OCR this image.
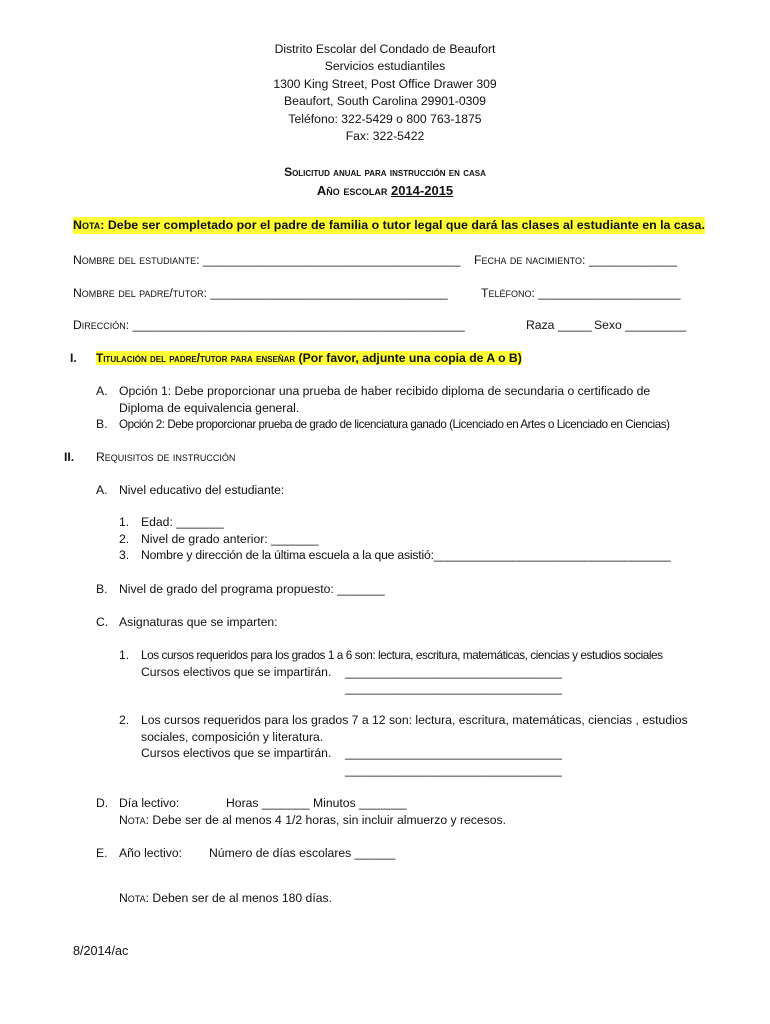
Distrito Escolar del Condado de Beaufort
Servicios estudiantiles
1300 King Street, Post Office Drawer 309
Beaufort, South Carolina 29901-0309
Teléfono: 322-5429 o 800 763-1875
Fax: 322-5422
Solicitud anual para instrucción en casa
Año escolar 2014-2015
Nota: Debe ser completado por el padre de familia o tutor legal que dará las clases al estudiante en la casa.
Nombre del estudiante: ______________________________________ Fecha de nacimiento: _____________
Nombre del padre/tutor: ___________________________________	Teléfono: _____________________
Dirección: _________________________________________________	Raza _____ Sexo _________
I. Titulación del padre/tutor para enseñar (Por favor, adjunte una copia de A o B)
A. Opción 1: Debe proporcionar una prueba de haber recibido diploma de secundaria o certificado de
Diploma de equivalencia general.
B. Opción 2: Debe proporcionar prueba de grado de licenciatura ganado (Licenciado en Artes o Licenciado en Ciencias)
II. Requisitos de instrucción
A. Nivel educativo del estudiante:
1. Edad: _______
2. Nivel de grado anterior: _______
3. Nombre y dirección de la última escuela a la que asistió:____________________________________
B. Nivel de grado del programa propuesto: _______
C. Asignaturas que se imparten:
1. Los cursos requeridos para los grados 1 a 6 son: lectura, escritura, matemáticas, ciencias y estudios sociales
Cursos electivos que se impartirán. ________________________________
________________________________
2. Los cursos requeridos para los grados 7 a 12 son: lectura, escritura, matemáticas, ciencias , estudios
sociales, composición y literatura.
Cursos electivos que se impartirán. ________________________________
________________________________
D. Día lectivo:	Horas _______ Minutos _______
Nota: Debe ser de al menos 4 1/2 horas, sin incluir almuerzo y recesos.
E. Año lectivo: Número de días escolares ______
Nota: Deben ser de al menos 180 días.
8/2014/ac
